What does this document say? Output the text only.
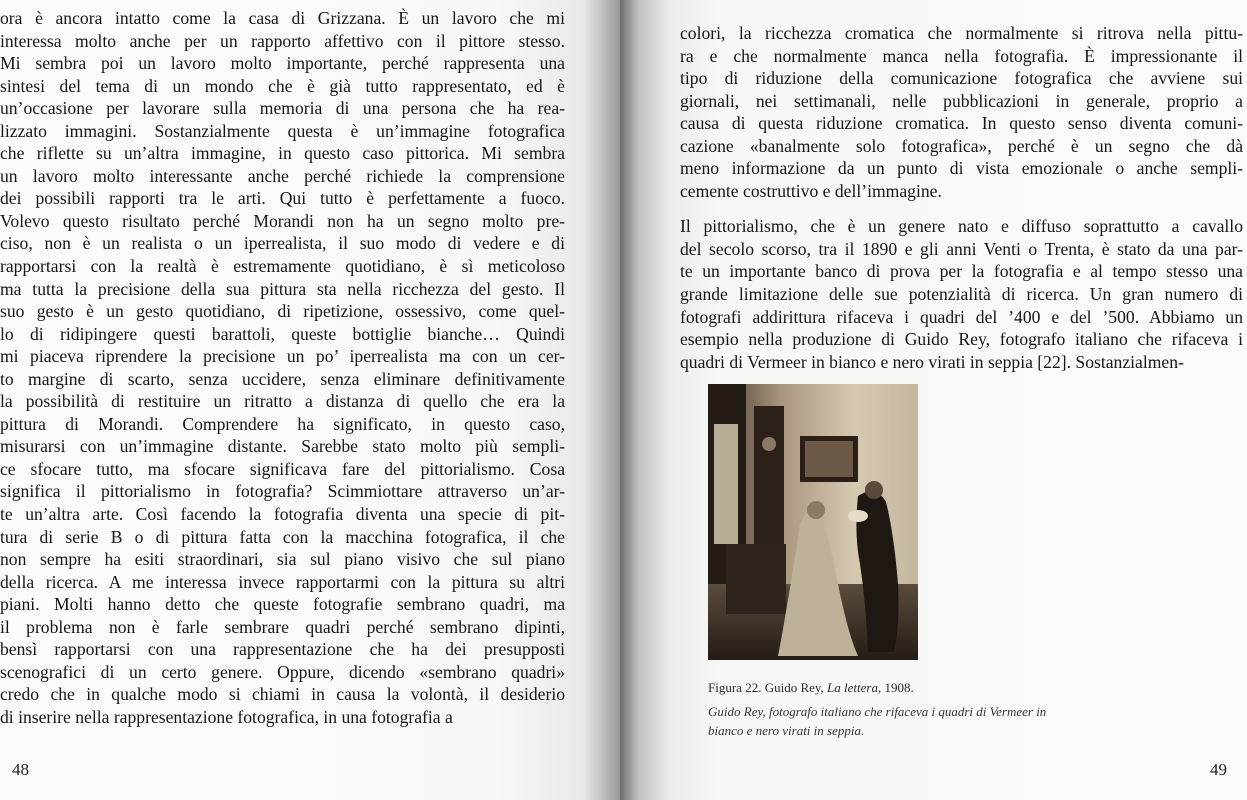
ora è ancora intatto come la casa di Grizzana. È un lavoro che mi
interessa molto anche per un rapporto affettivo con il pittore stesso.
Mi sembra poi un lavoro molto importante, perché rappresenta una
sintesi del tema di un mondo che è già tutto rappresentato, ed è
un’occasione per lavorare sulla memoria di una persona che ha rea-
lizzato immagini. Sostanzialmente questa è un’immagine fotografica
che riflette su un’altra immagine, in questo caso pittorica. Mi sembra
un lavoro molto interessante anche perché richiede la comprensione
dei possibili rapporti tra le arti. Qui tutto è perfettamente a fuoco.
Volevo questo risultato perché Morandi non ha un segno molto pre-
ciso, non è un realista o un iperrealista, il suo modo di vedere e di
rapportarsi con la realtà è estremamente quotidiano, è sì meticoloso
ma tutta la precisione della sua pittura sta nella ricchezza del gesto. Il
suo gesto è un gesto quotidiano, di ripetizione, ossessivo, come quel-
lo di ridipingere questi barattoli, queste bottiglie bianche… Quindi
mi piaceva riprendere la precisione un po’ iperrealista ma con un cer-
to margine di scarto, senza uccidere, senza eliminare definitivamente
la possibilità di restituire un ritratto a distanza di quello che era la
pittura di Morandi. Comprendere ha significato, in questo caso,
misurarsi con un’immagine distante. Sarebbe stato molto più sempli-
ce sfocare tutto, ma sfocare significava fare del pittorialismo. Cosa
significa il pittorialismo in fotografia? Scimmiottare attraverso un’ar-
te un’altra arte. Così facendo la fotografia diventa una specie di pit-
tura di serie B o di pittura fatta con la macchina fotografica, il che
non sempre ha esiti straordinari, sia sul piano visivo che sul piano
della ricerca. A me interessa invece rapportarmi con la pittura su altri
piani. Molti hanno detto che queste fotografie sembrano quadri, ma
il problema non è farle sembrare quadri perché sembrano dipinti,
bensì rapportarsi con una rappresentazione che ha dei presupposti
scenografici di un certo genere. Oppure, dicendo «sembrano quadri»
credo che in qualche modo si chiami in causa la volontà, il desiderio
di inserire nella rappresentazione fotografica, in una fotografia a
48
colori, la ricchezza cromatica che normalmente si ritrova nella pittu-
ra e che normalmente manca nella fotografia. È impressionante il
tipo di riduzione della comunicazione fotografica che avviene sui
giornali, nei settimanali, nelle pubblicazioni in generale, proprio a
causa di questa riduzione cromatica. In questo senso diventa comuni-
cazione «banalmente solo fotografica», perché è un segno che dà
meno informazione da un punto di vista emozionale o anche sempli-
cemente costruttivo e dell’immagine.
Il pittorialismo, che è un genere nato e diffuso soprattutto a cavallo
del secolo scorso, tra il 1890 e gli anni Venti o Trenta, è stato da una par-
te un importante banco di prova per la fotografia e al tempo stesso una
grande limitazione delle sue potenzialità di ricerca. Un gran numero di
fotografi addirittura rifaceva i quadri del ’400 e del ’500. Abbiamo un
esempio nella produzione di Guido Rey, fotografo italiano che rifaceva i
quadri di Vermeer in bianco e nero virati in seppia [22]. Sostanzialmen-

Figura 22. Guido Rey, La lettera, 1908.

Guido Rey, fotografo italiano che rifaceva i quadri di Vermeer in bianco e nero virati in seppia.

49
